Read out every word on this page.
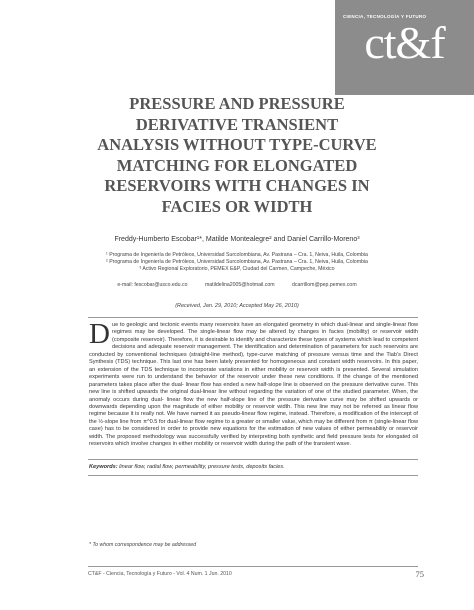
CIENCIA, TECNOLOGÍA Y FUTURO
ct&f
PRESSURE AND PRESSURE
DERIVATIVE TRANSIENT
ANALYSIS WITHOUT TYPE-CURVE
MATCHING FOR ELONGATED
RESERVOIRS WITH CHANGES IN
FACIES OR WIDTH
Freddy-Humberto Escobar¹*, Matilde Montealegre² and Daniel Carrillo-Moreno³
¹ Programa de Ingeniería de Petróleos, Universidad Surcolombiana, Av. Pastrana – Cra. 1, Neiva, Huila, Colombia
² Programa de Ingeniería de Petróleos, Universidad Surcolombiana, Av. Pastrana – Cra. 1, Neiva, Huila, Colombia
³ Activo Regional Exploratorio, PEMEX E&P, Ciudad del Carmen, Campeche, México
e-mail: fescobar@usco.edu.co	matildelina2005@hotmail.com	dcarrillom@pep.pemex.com
(Received, Jan. 29, 2010; Accepted May 26, 2010)

Due to geologic and tectonic events many reservoirs have an elongated geometry in which dual-linear and single-linear flow regimes may be developed. The single-linear flow may be altered by changes in facies (mobility) or reservoir width (composite reservoir). Therefore, it is desirable to identify and characterize these types of systems which lead to competent decisions and adequate reservoir management. The identification and determination of parameters for such reservoirs are conducted by conventional techniques (straight-line method), type-curve matching of pressure versus time and the Tiab's Direct Synthesis (TDS) technique. This last one has been lately presented for homogeneous and constant width reservoirs. In this paper, an extension of the TDS technique to incorporate variations in either mobility or reservoir width is presented. Several simulation experiments were run to understand the behavior of the reservoir under these new conditions. If the change of the mentioned parameters takes place after the dual- linear flow has ended a new half-slope line is observed on the pressure derivative curve. This new line is shifted upwards the original dual-linear line without regarding the variation of one of the studied parameter. When, the anomaly occurs during dual- linear flow the new half-slope line of the pressure derivative curve may be shifted upwards or downwards depending upon the magnitude of either mobility or reservoir width. This new line may not be referred as linear flow regime because it is really not. We have named it as pseudo-linear flow regime, instead. Therefore, a modification of the intercept of the ½-slope line from π^0.5 for dual-linear flow regime to a greater or smaller value, which may be different from π (single-linear flow case) has to be considered in order to provide new equations for the estimation of new values of either permeability or reservoir width. The proposed methodology was successfully verified by interpreting both synthetic and field pressure tests for elongated oil reservoirs which involve changes in either mobility or reservoir width during the path of the transient wave.

Keywords: linear flow, radial flow, permeability, pressure tests, deposits facies.
* To whom correspondence may be addressed
CT&F - Ciencia, Tecnología y Futuro - Vol. 4 Num. 1 Jun. 2010	75
